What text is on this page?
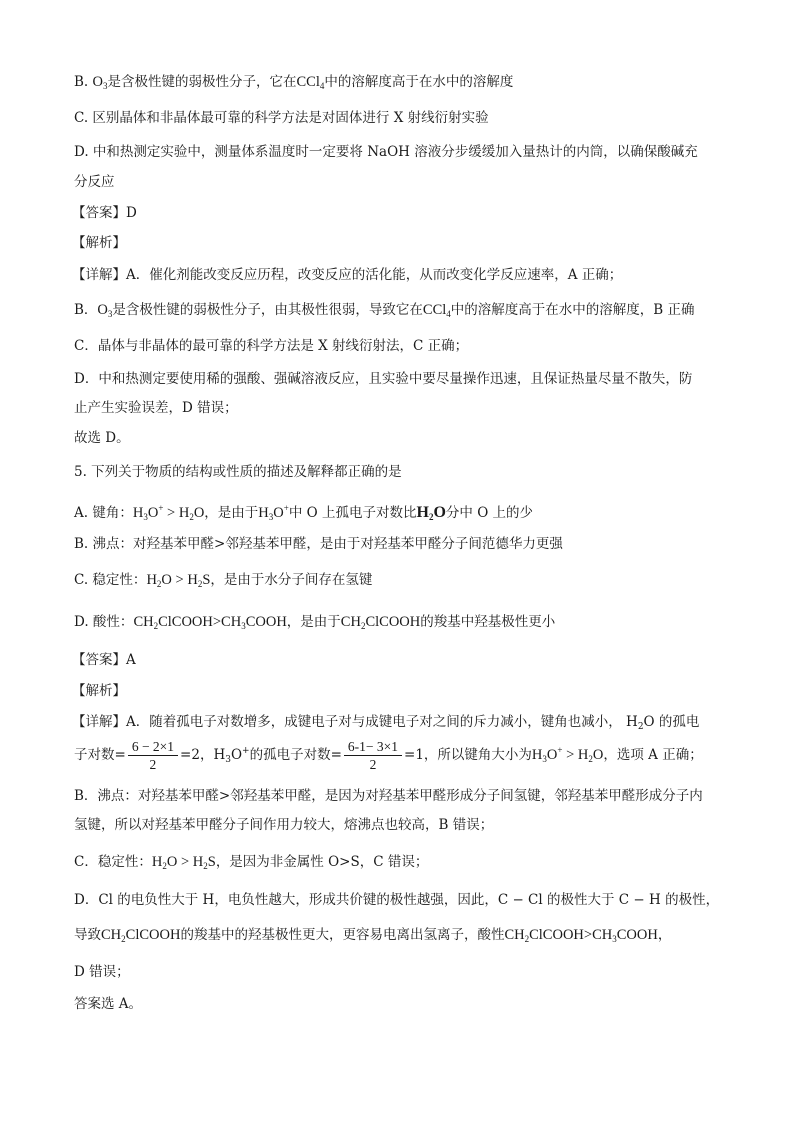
B. $O_3$是含极性键的弱极性分子，它在CCl$_4$中的溶解度高于在水中的溶解度
C. 区别晶体和非晶体最可靠的科学方法是对固体进行 X 射线衍射实验
D. 中和热测定实验中，测量体系温度时一定要将 NaOH 溶液分步缓缓加入量热计的内筒，以确保酸碱充
分反应
【答案】D
【解析】
【详解】A．催化剂能改变反应历程，改变反应的活化能，从而改变化学反应速率，A 正确；
B．$O_3$是含极性键的弱极性分子，由其极性很弱，导致它在CCl$_4$中的溶解度高于在水中的溶解度，B 正确
C．晶体与非晶体的最可靠的科学方法是 X 射线衍射法，C 正确；
D．中和热测定要使用稀的强酸、强碱溶液反应，且实验中要尽量操作迅速，且保证热量尽量不散失，防
止产生实验误差，D 错误；
故选 D。
5. 下列关于物质的结构或性质的描述及解释都正确的是
A. 键角：$H_3O^+ > H_2O$，是由于$H_3O^+$中 O 上孤电子对数比$H_2O$分中 O 上的少
B. 沸点：对羟基苯甲醛>邻羟基苯甲醛，是由于对羟基苯甲醛分子间范德华力更强
C. 稳定性：$H_2O > H_2S$，是由于水分子间存在氢键
D. 酸性：$CH_2ClCOOH>CH_3COOH$，是由于$CH_2ClCOOH$的羧基中羟基极性更小
【答案】A
【解析】
【详解】A．随着孤电子对数增多，成键电子对与成键电子对之间的斥力减小，键角也减小， $H_2O$ 的孤电
子对数= $\frac{6 - 2\times 1}{2} =2$，$H_3O^+$的孤电子对数= $\frac{6-1- 3\times 1}{2} =1$，所以键角大小为$H_3O^+ > H_2O$，选项 A 正确；
B．沸点：对羟基苯甲醛>邻羟基苯甲醛，是因为对羟基苯甲醛形成分子间氢键，邻羟基苯甲醛形成分子内
氢键，所以对羟基苯甲醛分子间作用力较大，熔沸点也较高，B 错误；
C．稳定性：$H_2O > H_2S$，是因为非金属性 O>S，C 错误；
D．Cl 的电负性大于 H，电负性越大，形成共价键的极性越强，因此，C − Cl 的极性大于 C − H 的极性，
导致$CH_2ClCOOH$的羧基中的羟基极性更大，更容易电离出氢离子，酸性$CH_2ClCOOH>CH_3COOH$，
D 错误；
答案选 A。
